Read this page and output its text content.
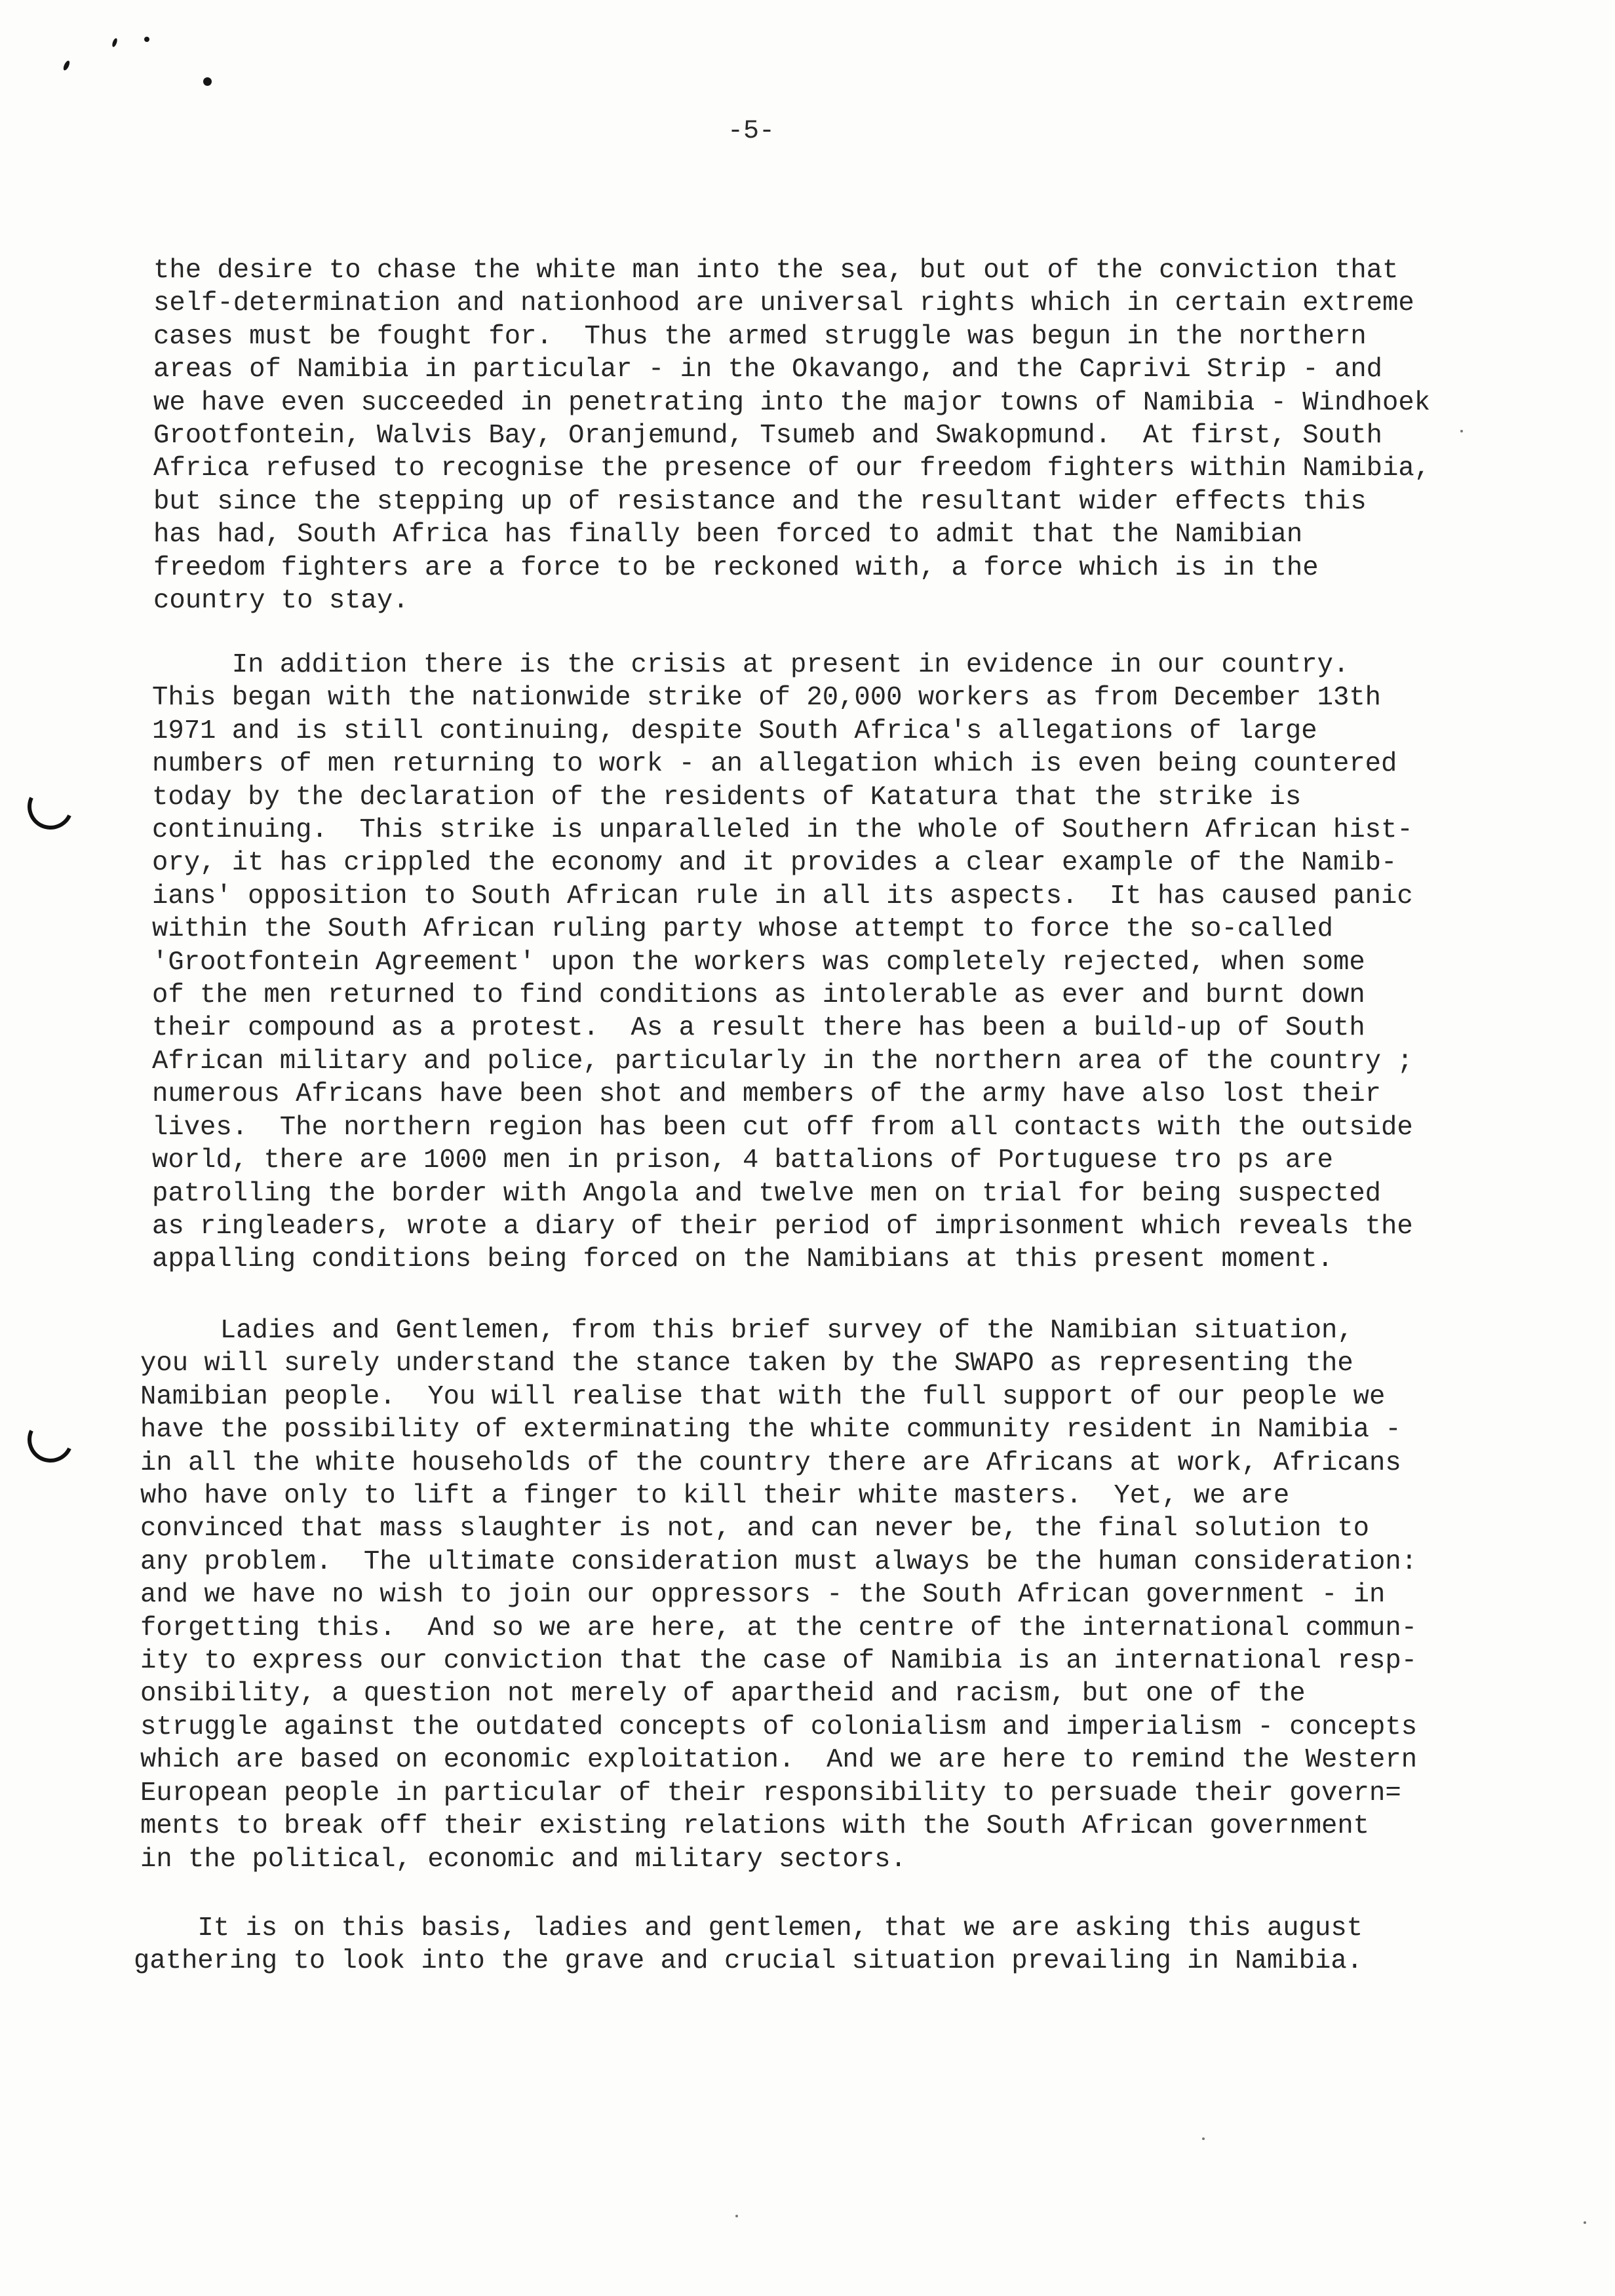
-5-
the desire to chase the white man into the sea, but out of the conviction that
self-determination and nationhood are universal rights which in certain extreme
cases must be fought for.  Thus the armed struggle was begun in the northern
areas of Namibia in particular - in the Okavango, and the Caprivi Strip - and
we have even succeeded in penetrating into the major towns of Namibia - Windhoek
Grootfontein, Walvis Bay, Oranjemund, Tsumeb and Swakopmund.  At first, South
Africa refused to recognise the presence of our freedom fighters within Namibia,
but since the stepping up of resistance and the resultant wider effects this
has had, South Africa has finally been forced to admit that the Namibian
freedom fighters are a force to be reckoned with, a force which is in the
country to stay.
In addition there is the crisis at present in evidence in our country.
This began with the nationwide strike of 20,000 workers as from December 13th
1971 and is still continuing, despite South Africa's allegations of large
numbers of men returning to work - an allegation which is even being countered
today by the declaration of the residents of Katatura that the strike is
continuing.  This strike is unparalleled in the whole of Southern African hist-
ory, it has crippled the economy and it provides a clear example of the Namib-
ians' opposition to South African rule in all its aspects.  It has caused panic
within the South African ruling party whose attempt to force the so-called
'Grootfontein Agreement' upon the workers was completely rejected, when some
of the men returned to find conditions as intolerable as ever and burnt down
their compound as a protest.  As a result there has been a build-up of South
African military and police, particularly in the northern area of the country ;
numerous Africans have been shot and members of the army have also lost their
lives.  The northern region has been cut off from all contacts with the outside
world, there are 1000 men in prison, 4 battalions of Portuguese tro ps are
patrolling the border with Angola and twelve men on trial for being suspected
as ringleaders, wrote a diary of their period of imprisonment which reveals the
appalling conditions being forced on the Namibians at this present moment.
Ladies and Gentlemen, from this brief survey of the Namibian situation,
you will surely understand the stance taken by the SWAPO as representing the
Namibian people.  You will realise that with the full support of our people we
have the possibility of exterminating the white community resident in Namibia -
in all the white households of the country there are Africans at work, Africans
who have only to lift a finger to kill their white masters.  Yet, we are
convinced that mass slaughter is not, and can never be, the final solution to
any problem.  The ultimate consideration must always be the human consideration:
and we have no wish to join our oppressors - the South African government - in
forgetting this.  And so we are here, at the centre of the international commun-
ity to express our conviction that the case of Namibia is an international resp-
onsibility, a question not merely of apartheid and racism, but one of the
struggle against the outdated concepts of colonialism and imperialism - concepts
which are based on economic exploitation.  And we are here to remind the Western
European people in particular of their responsibility to persuade their govern=
ments to break off their existing relations with the South African government
in the political, economic and military sectors.
It is on this basis, ladies and gentlemen, that we are asking this august
gathering to look into the grave and crucial situation prevailing in Namibia.
